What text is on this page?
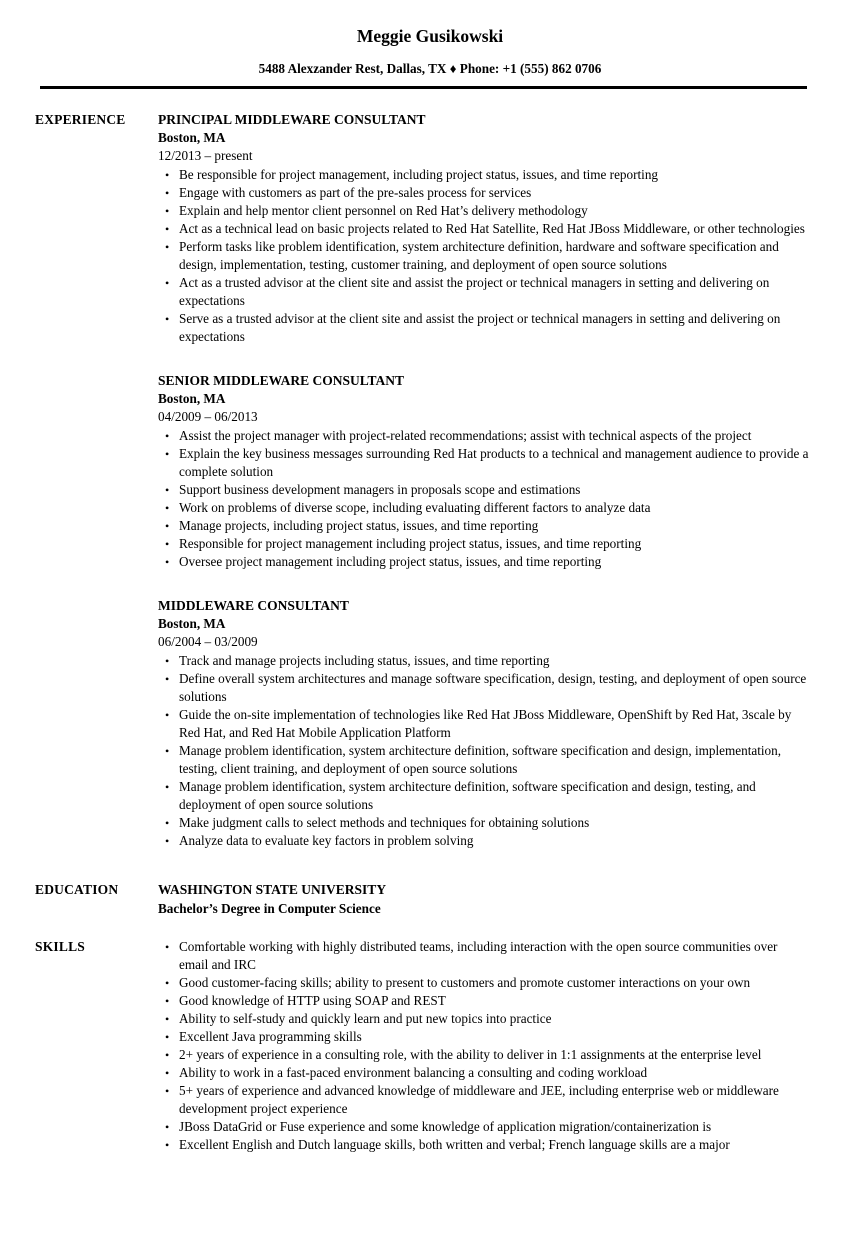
Meggie Gusikowski
5488 Alexzander Rest, Dallas, TX ♦ Phone: +1 (555) 862 0706
EXPERIENCE	PRINCIPAL MIDDLEWARE CONSULTANT
Boston, MA
12/2013 – present
• Be responsible for project management, including project status, issues, and time reporting
• Engage with customers as part of the pre-sales process for services
• Explain and help mentor client personnel on Red Hat’s delivery methodology
• Act as a technical lead on basic projects related to Red Hat Satellite, Red Hat JBoss Middleware, or other technologies
• Perform tasks like problem identification, system architecture definition, hardware and software specification and design, implementation, testing, customer training, and deployment of open source solutions
• Act as a trusted advisor at the client site and assist the project or technical managers in setting and delivering on expectations
• Serve as a trusted advisor at the client site and assist the project or technical managers in setting and delivering on expectations
SENIOR MIDDLEWARE CONSULTANT
Boston, MA
04/2009 – 06/2013
• Assist the project manager with project-related recommendations; assist with technical aspects of the project
• Explain the key business messages surrounding Red Hat products to a technical and management audience to provide a complete solution
• Support business development managers in proposals scope and estimations
• Work on problems of diverse scope, including evaluating different factors to analyze data
• Manage projects, including project status, issues, and time reporting
• Responsible for project management including project status, issues, and time reporting
• Oversee project management including project status, issues, and time reporting
MIDDLEWARE CONSULTANT
Boston, MA
06/2004 – 03/2009
• Track and manage projects including status, issues, and time reporting
• Define overall system architectures and manage software specification, design, testing, and deployment of open source solutions
• Guide the on-site implementation of technologies like Red Hat JBoss Middleware, OpenShift by Red Hat, 3scale by Red Hat, and Red Hat Mobile Application Platform
• Manage problem identification, system architecture definition, software specification and design, implementation, testing, client training, and deployment of open source solutions
• Manage problem identification, system architecture definition, software specification and design, testing, and deployment of open source solutions
• Make judgment calls to select methods and techniques for obtaining solutions
• Analyze data to evaluate key factors in problem solving
EDUCATION	WASHINGTON STATE UNIVERSITY
Bachelor’s Degree in Computer Science
SKILLS	• Comfortable working with highly distributed teams, including interaction with the open source communities over email and IRC
• Good customer-facing skills; ability to present to customers and promote customer interactions on your own
• Good knowledge of HTTP using SOAP and REST
• Ability to self-study and quickly learn and put new topics into practice
• Excellent Java programming skills
• 2+ years of experience in a consulting role, with the ability to deliver in 1:1 assignments at the enterprise level
• Ability to work in a fast-paced environment balancing a consulting and coding workload
• 5+ years of experience and advanced knowledge of middleware and JEE, including enterprise web or middleware development project experience
• JBoss DataGrid or Fuse experience and some knowledge of application migration/containerization is
• Excellent English and Dutch language skills, both written and verbal; French language skills are a major
